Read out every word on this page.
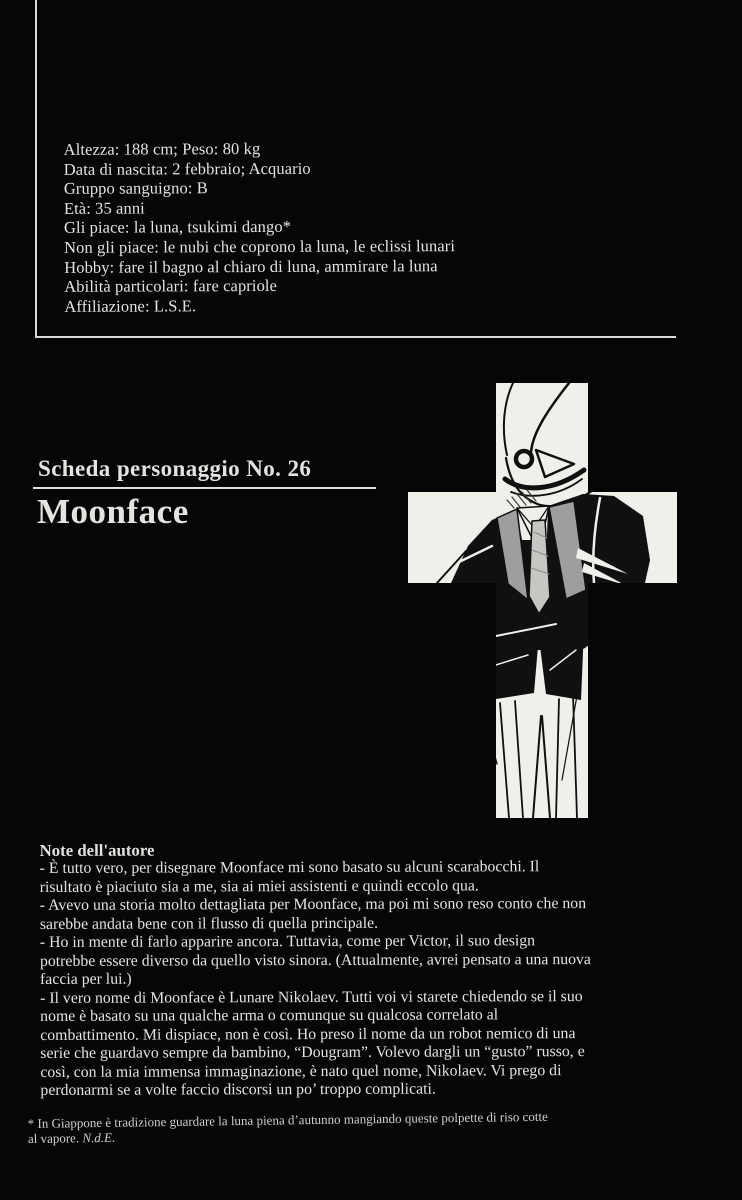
Altezza: 188 cm; Peso: 80 kg
Data di nascita: 2 febbraio; Acquario
Gruppo sanguigno: B
Età: 35 anni
Gli piace: la luna, tsukimi dango*
Non gli piace: le nubi che coprono la luna, le eclissi lunari
Hobby: fare il bagno al chiaro di luna, ammirare la luna
Abilità particolari: fare capriole
Affiliazione: L.S.E.
Scheda personaggio No. 26
Moonface
Note dell'autore

- È tutto vero, per disegnare Moonface mi sono basato su alcuni scarabocchi. Il risultato è piaciuto sia a me, sia ai miei assistenti e quindi eccolo qua.

- Avevo una storia molto dettagliata per Moonface, ma poi mi sono reso conto che non sarebbe andata bene con il flusso di quella principale.

- Ho in mente di farlo apparire ancora. Tuttavia, come per Victor, il suo design potrebbe essere diverso da quello visto sinora. (Attualmente, avrei pensato a una nuova faccia per lui.)

- Il vero nome di Moonface è Lunare Nikolaev. Tutti voi vi starete chiedendo se il suo nome è basato su una qualche arma o comunque su qualcosa correlato al combattimento. Mi dispiace, non è così. Ho preso il nome da un robot nemico di una serie che guardavo sempre da bambino, “Dougram”. Volevo dargli un “gusto” russo, e così, con la mia immensa immaginazione, è nato quel nome, Nikolaev. Vi prego di perdonarmi se a volte faccio discorsi un po’ troppo complicati.

* In Giappone è tradizione guardare la luna piena d’autunno mangiando queste polpette di riso cotte al vapore. N.d.E.
